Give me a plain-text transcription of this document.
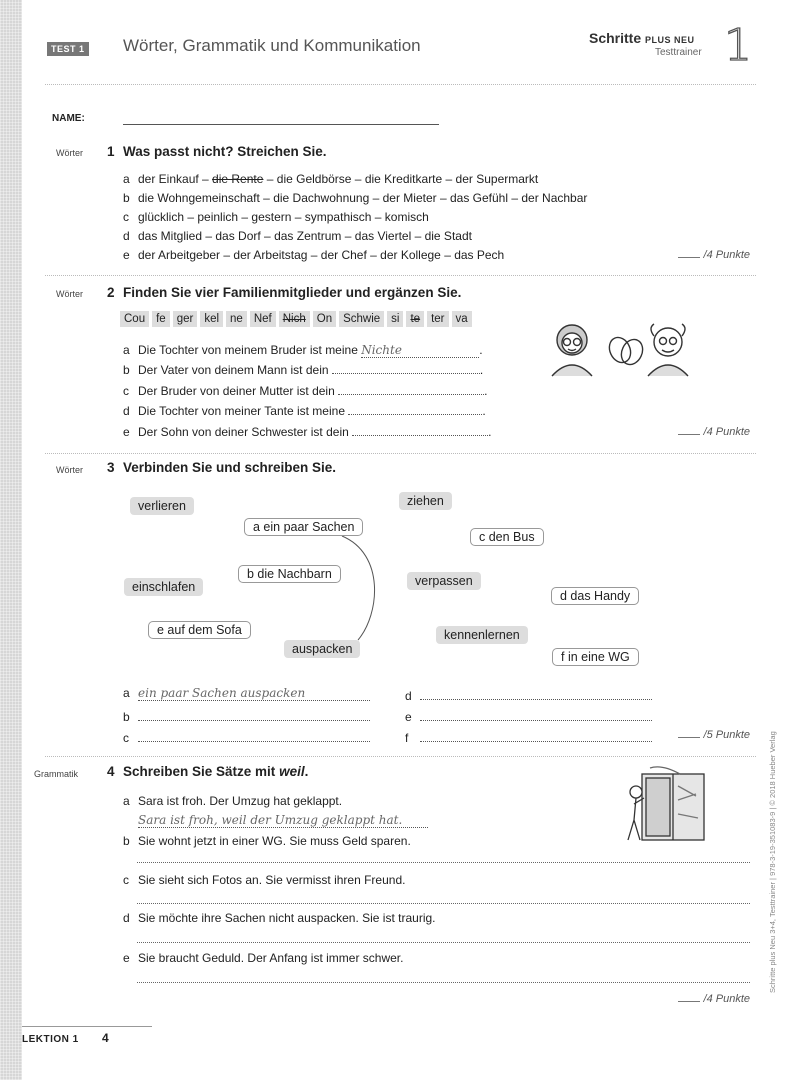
TEST 1 Wörter, Grammatik und Kommunikation	Schritte PLUS NEU
Testtrainer 1
NAME:
Wörter 1 Was passt nicht? Streichen Sie.
a der Einkauf – die Rente – die Geldbörse – die Kreditkarte – der Supermarkt
b die Wohngemeinschaft – die Dachwohnung – der Mieter – das Gefühl – der Nachbar
c glücklich – peinlich – gestern – sympathisch – komisch
d das Mitglied – das Dorf – das Zentrum – das Viertel – die Stadt
e der Arbeitgeber – der Arbeitstag – der Chef – der Kollege – das Pech	/4 Punkte
Wörter 2 Finden Sie vier Familienmitglieder und ergänzen Sie.
Cou fe ger kel ne Nef Nich On Schwie si te ter va
a Die Tochter von meinem Bruder ist meine Nichte	.
b Der Vater von deinem Mann ist dein	.
c Der Bruder von deiner Mutter ist dein	.
d Die Tochter von meiner Tante ist meine	.
e Der Sohn von deiner Schwester ist dein	.	/4 Punkte
Wörter 3 Verbinden Sie und schreiben Sie.
verlieren	ziehen
a ein paar Sachen
c den Bus
b die Nachbarn
einschlafen	verpassen
d das Handy
e auf dem Sofa
auspacken
kennenlernen
f in eine WG
a ein paar Sachen auspacken
b
c
d
e
f	/5 Punkte
Grammatik 4 Schreiben Sie Sätze mit weil.
a Sara ist froh. Der Umzug hat geklappt.
Sara ist froh, weil der Umzug geklappt hat.
b Sie wohnt jetzt in einer WG. Sie muss Geld sparen.
c Sie sieht sich Fotos an. Sie vermisst ihren Freund.
d Sie möchte ihre Sachen nicht auspacken. Sie ist traurig.
e Sie braucht Geduld. Der Anfang ist immer schwer.
/4 Punkte
LEKTION 1 4
Schritte plus Neu 3+4, Testtrainer | 978-3-19-351083-9 | © 2018 Hueber Verlag
